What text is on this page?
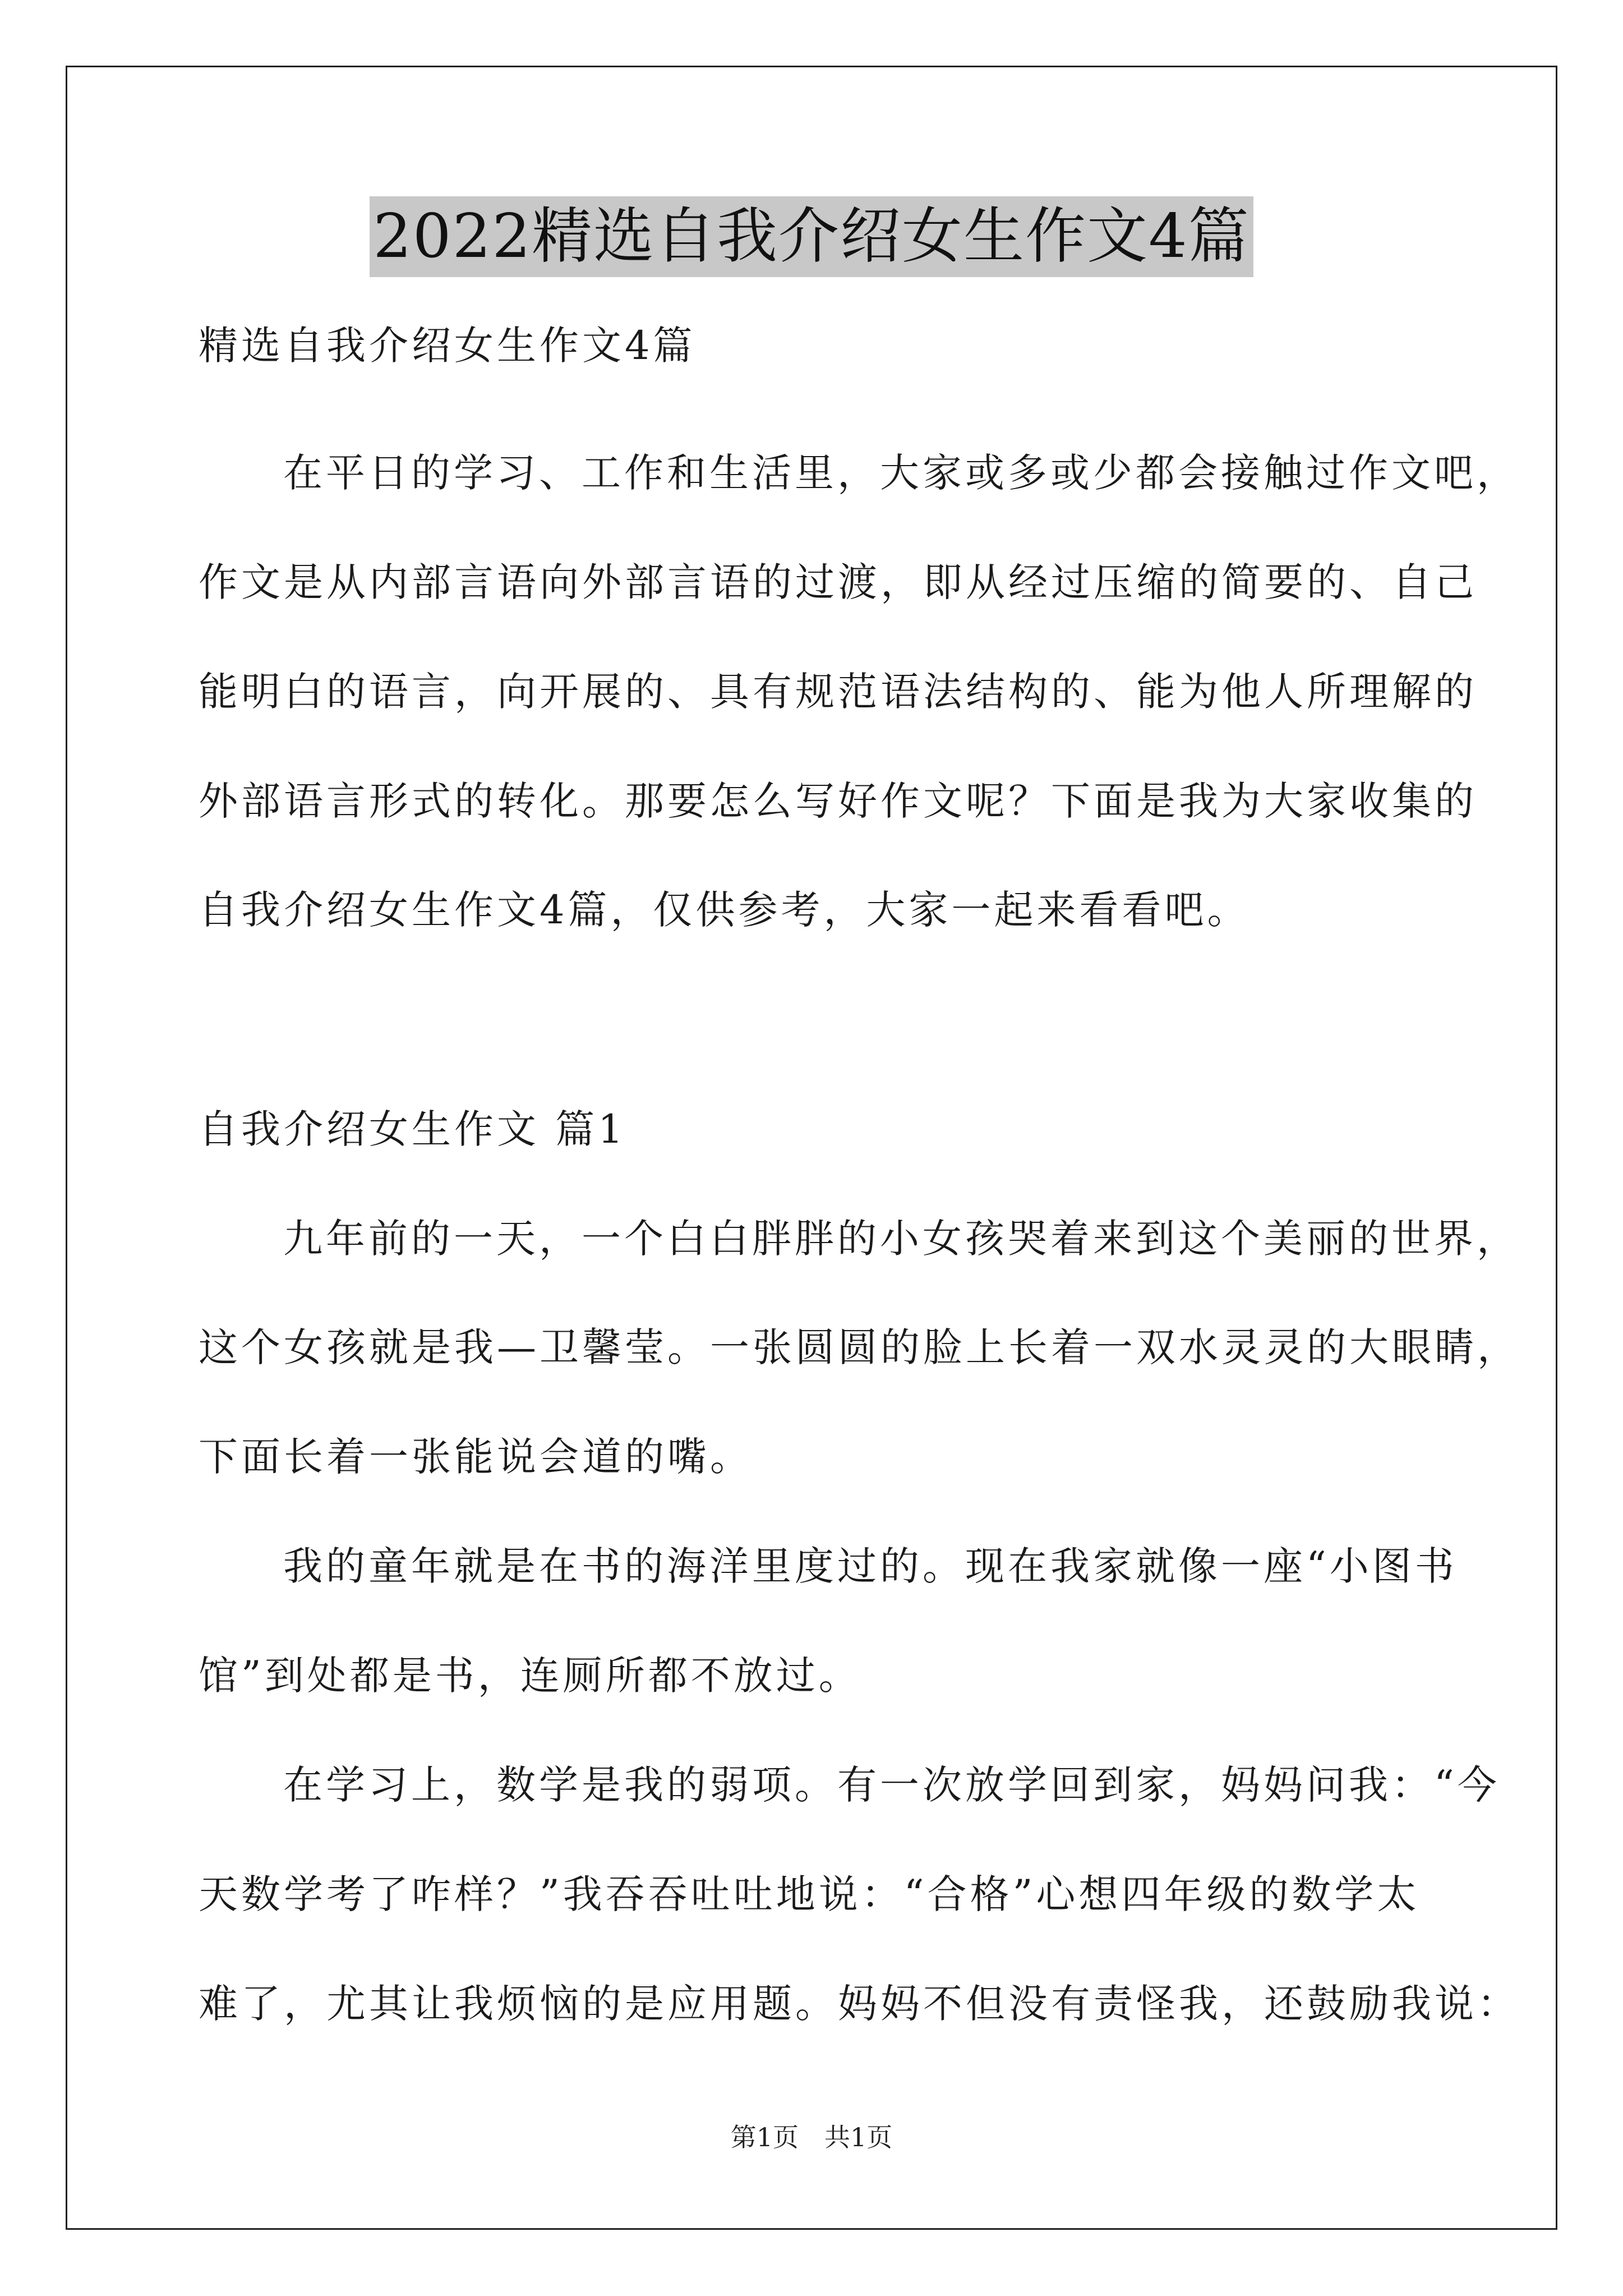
2022精选自我介绍女生作文4篇
精选自我介绍女生作文4篇
在平日的学习、工作和生活里，大家或多或少都会接触过作文吧，
作文是从内部言语向外部言语的过渡，即从经过压缩的简要的、自己
能明白的语言，向开展的、具有规范语法结构的、能为他人所理解的
外部语言形式的转化。那要怎么写好作文呢？下面是我为大家收集的
自我介绍女生作文4篇，仅供参考，大家一起来看看吧。
自我介绍女生作文 篇1
九年前的一天，一个白白胖胖的小女孩哭着来到这个美丽的世界，
这个女孩就是我—卫馨莹。一张圆圆的脸上长着一双水灵灵的大眼睛，
下面长着一张能说会道的嘴。
我的童年就是在书的海洋里度过的。现在我家就像一座“小图书
馆”到处都是书，连厕所都不放过。
在学习上，数学是我的弱项。有一次放学回到家，妈妈问我：“今
天数学考了咋样？”我吞吞吐吐地说：“合格”心想四年级的数学太
难了，尤其让我烦恼的是应用题。妈妈不但没有责怪我，还鼓励我说：
第1页 共1页
